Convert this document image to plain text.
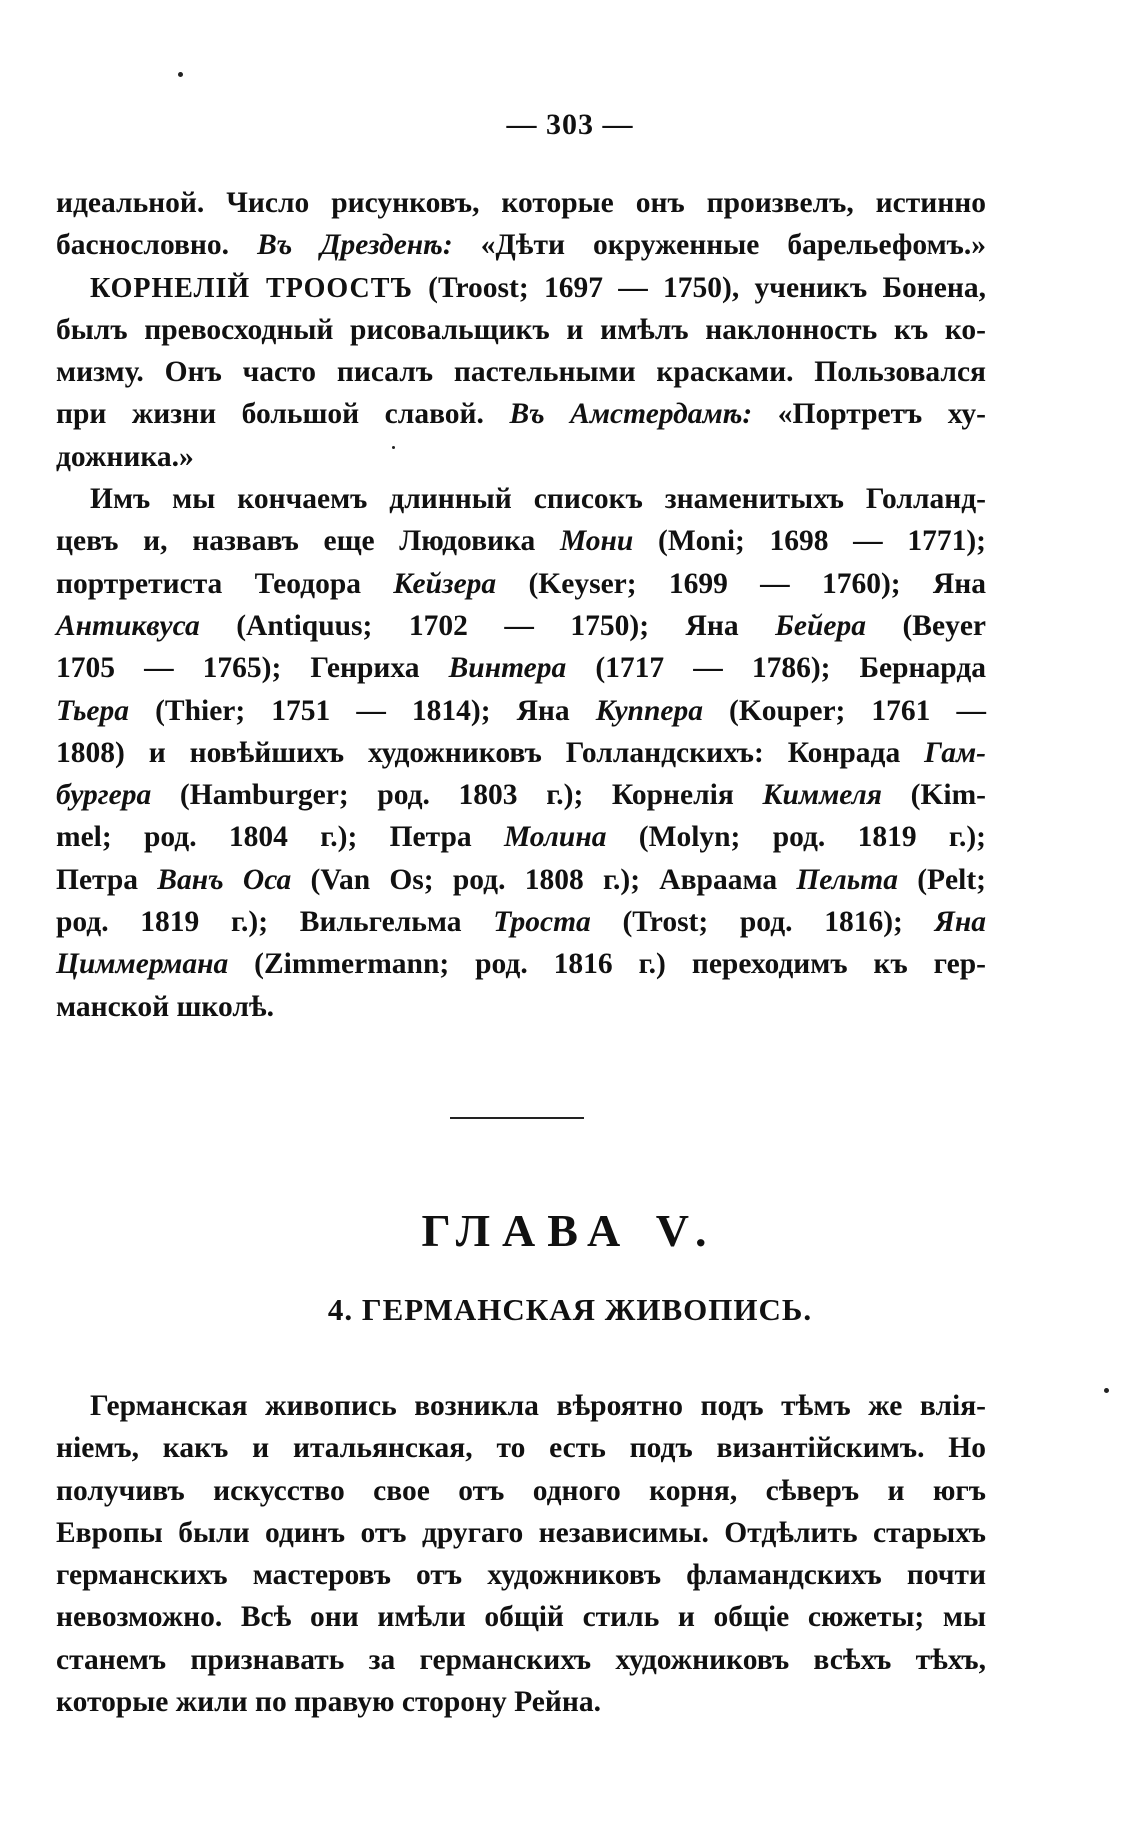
— 303 —
идеальной. Число рисунковъ, которые онъ произвелъ, истинно
баснословно. Въ Дрезденѣ: «Дѣти окруженные барельефомъ.»
КОРНЕЛІЙ ТРООСТЪ (Troost; 1697 — 1750), ученикъ Бонена,
былъ превосходный рисовальщикъ и имѣлъ наклонность къ ко-
мизму. Онъ часто писалъ пастельными красками. Пользовался
при жизни большой славой. Въ Амстердамѣ: «Портретъ ху-
дожника.»
Имъ мы кончаемъ длинный списокъ знаменитыхъ Голланд-
цевъ и, назвавъ еще Людовика Мони (Moni; 1698 — 1771);
портретиста Теодора Кейзера (Keyser; 1699 — 1760); Яна
Антиквуса (Antiquus; 1702 — 1750); Яна Бейера (Beyer
1705 — 1765); Генриха Винтера (1717 — 1786); Бернарда
Тьера (Thier; 1751 — 1814); Яна Куппера (Kouper; 1761 —
1808) и новѣйшихъ художниковъ Голландскихъ: Конрада Гам-
бургера (Hamburger; род. 1803 г.); Корнелія Киммеля (Kim-
mel; род. 1804 г.); Петра Молина (Molyn; род. 1819 г.);
Петра Ванъ Оса (Van Os; род. 1808 г.); Авраама Пельта (Pelt;
род. 1819 г.); Вильгельма Троста (Trost; род. 1816); Яна
Циммермана (Zimmermann; род. 1816 г.) переходимъ къ гер-
манской школѣ.
ГЛАВА V.
4. ГЕРМАНСКАЯ ЖИВОПИСЬ.
Германская живопись возникла вѣроятно подъ тѣмъ же влія-
ніемъ, какъ и итальянская, то есть подъ византійскимъ. Но
получивъ искусство свое отъ одного корня, сѣверъ и югъ
Европы были одинъ отъ другаго независимы. Отдѣлить старыхъ
германскихъ мастеровъ отъ художниковъ фламандскихъ почти
невозможно. Всѣ они имѣли общій стиль и общіе сюжеты; мы
станемъ признавать за германскихъ художниковъ всѣхъ тѣхъ,
которые жили по правую сторону Рейна.
